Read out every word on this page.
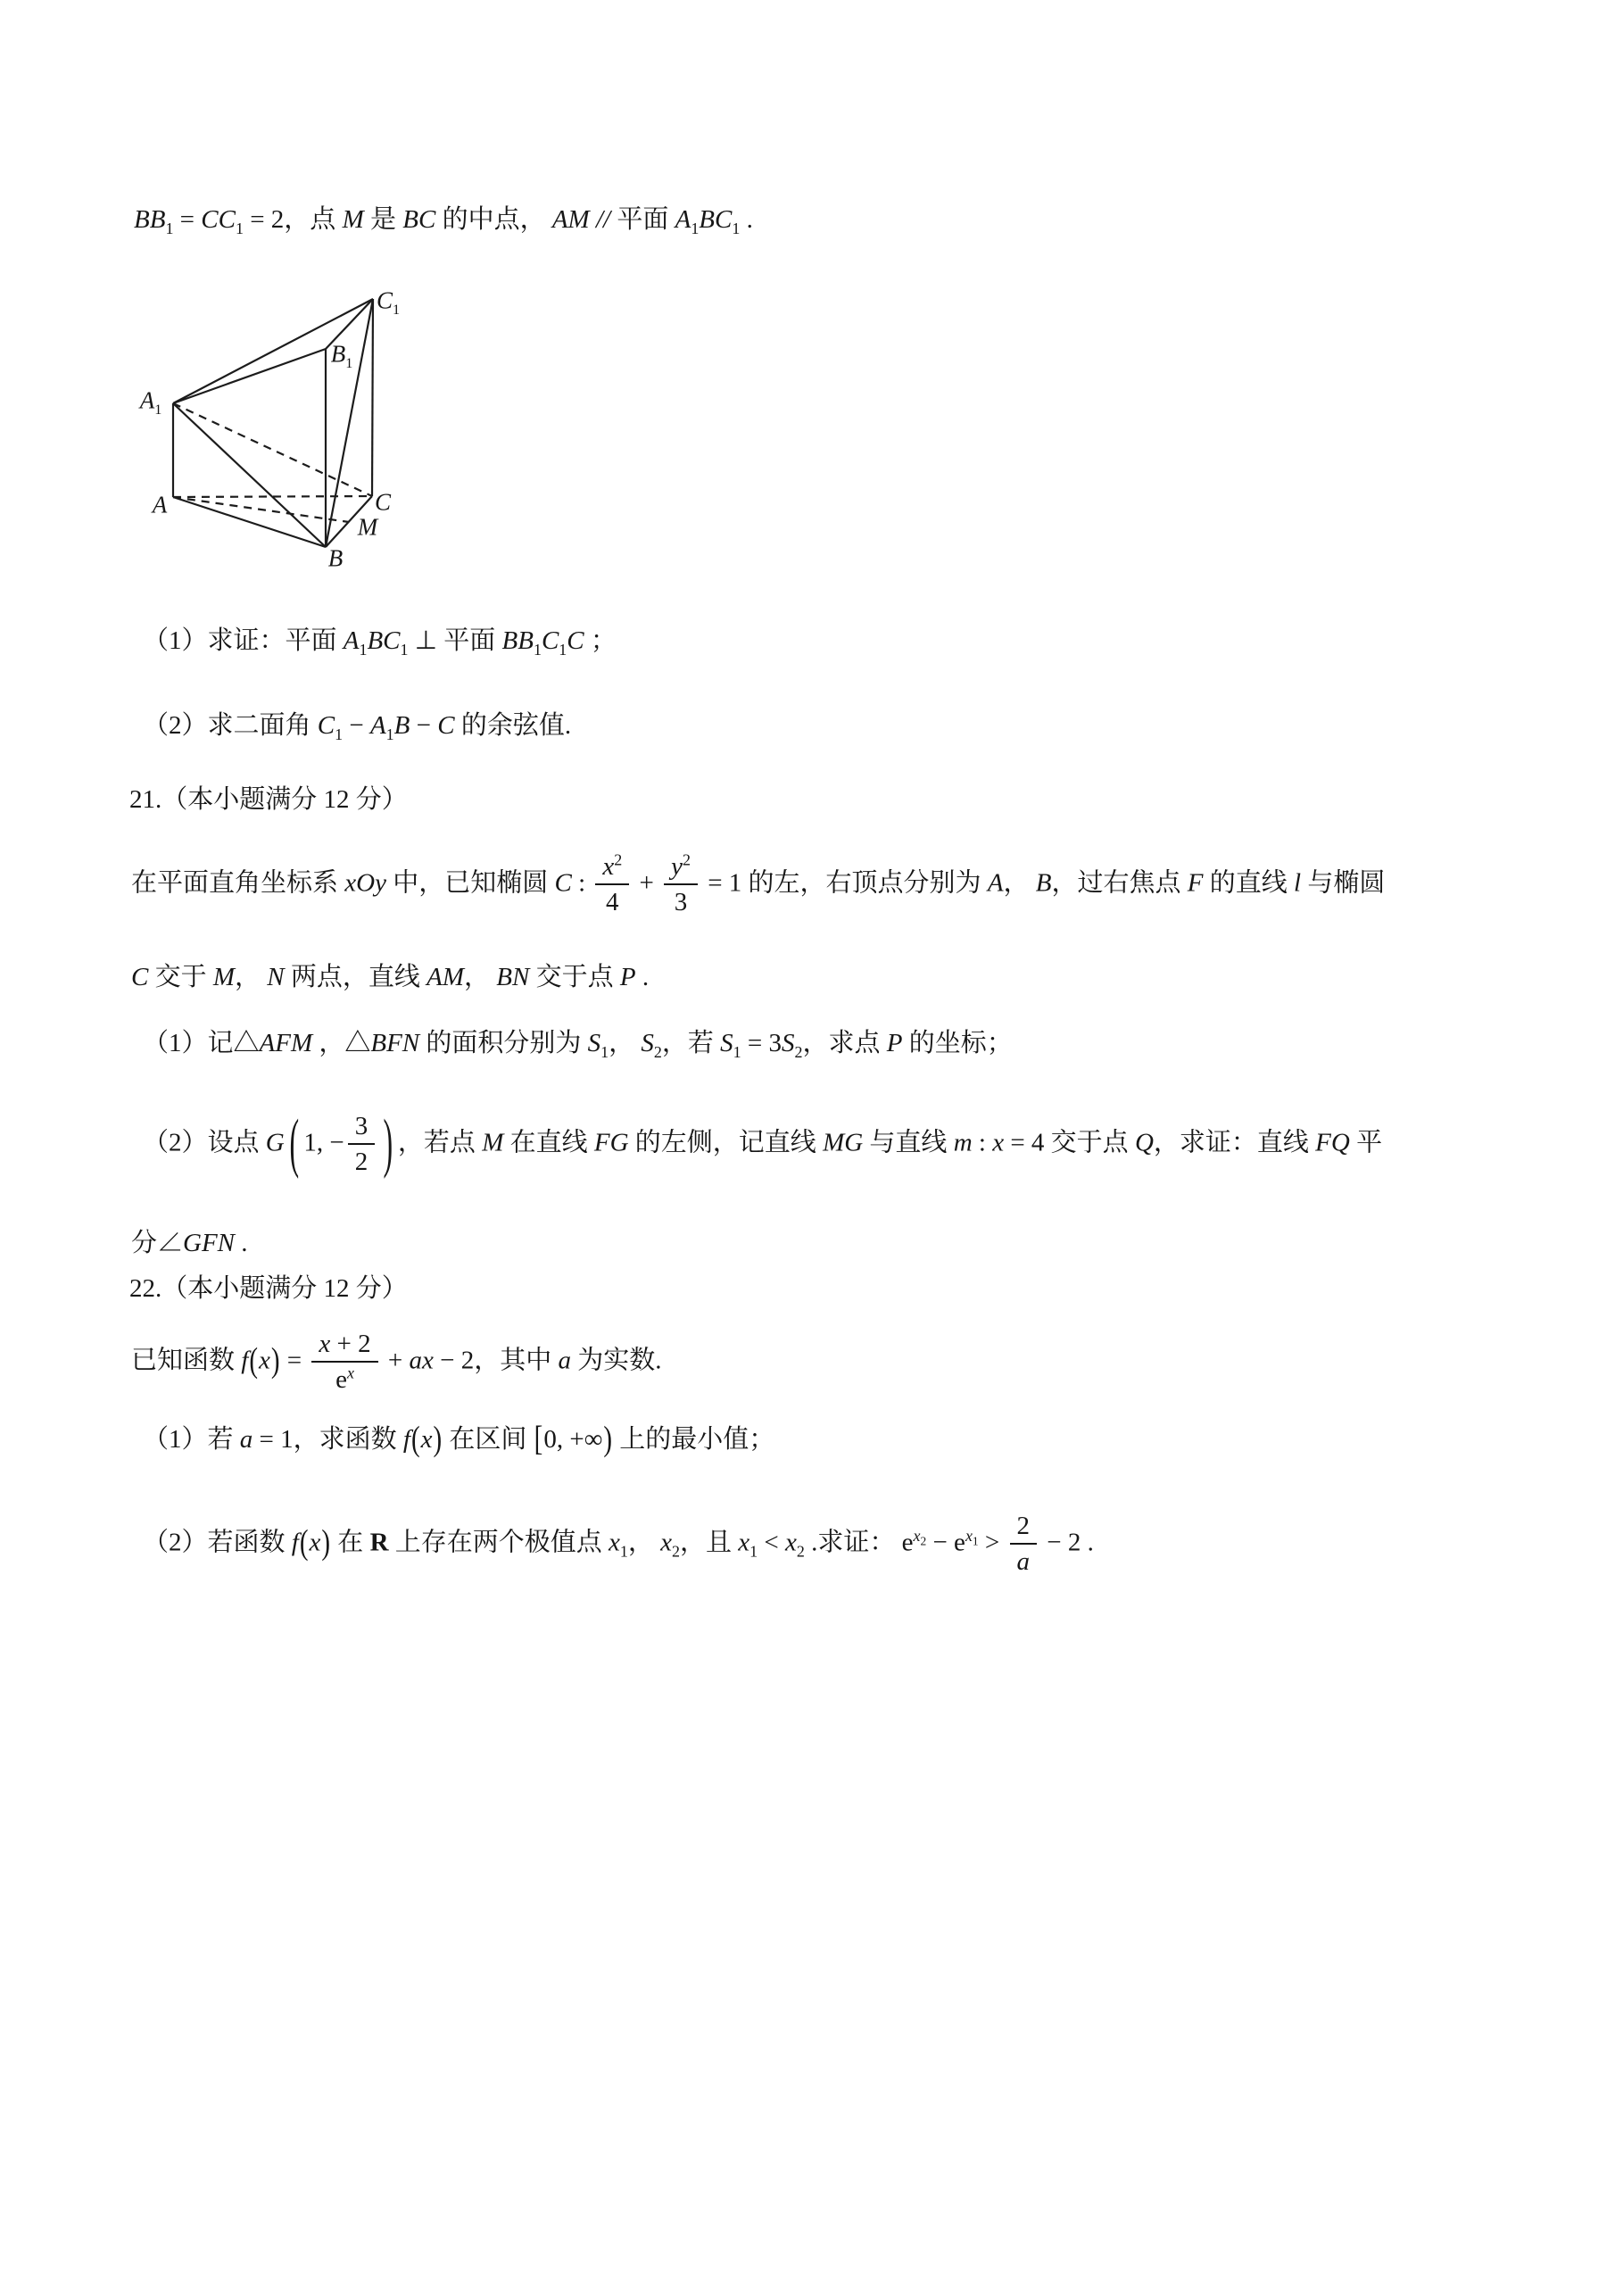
$BB_1 = CC_1 = 2$，点 M 是 BC 的中点， AM // 平面 $A_1BC_1$ .
（1）求证：平面 $A_1BC_1$ ⊥ 平面 $BB_1C_1C$ ；
（2）求二面角 $C_1 - A_1B - C$ 的余弦值.
21.（本小题满分 12 分）
在平面直角坐标系 xOy 中，已知椭圆 C : $\frac{x^2}{4} + \frac{y^2}{3} = 1$ 的左，右顶点分别为 A， B，过右焦点 F 的直线 l 与椭圆
C 交于 M， N 两点，直线 AM， BN 交于点 P .
（1）记△AFM ，△BFN 的面积分别为 $S_1$， $S_2$，若 $S_1 = 3S_2$，求点 P 的坐标；
（2）设点 G ( 1, − $\frac{3}{2}$ ) ，若点 M 在直线 FG 的左侧，记直线 MG 与直线 m : x = 4 交于点 Q，求证：直线 FQ 平
分∠GFN .
22.（本小题满分 12 分）
已知函数 $f(x) = \frac{x + 2}{e^x}$ + ax − 2，其中 a 为实数.
（1）若 a = 1，求函数 f(x) 在区间 [0, +∞) 上的最小值；
（2）若函数 f(x) 在 R 上存在两个极值点 $x_1$， $x_2$，且 $x_1 < x_2$ .求证： $e^{x_2} - e^{x_1} > \frac{2}{a} - 2$ .
$A_1$
A
B
C
$C_1$
$B_1$
M
